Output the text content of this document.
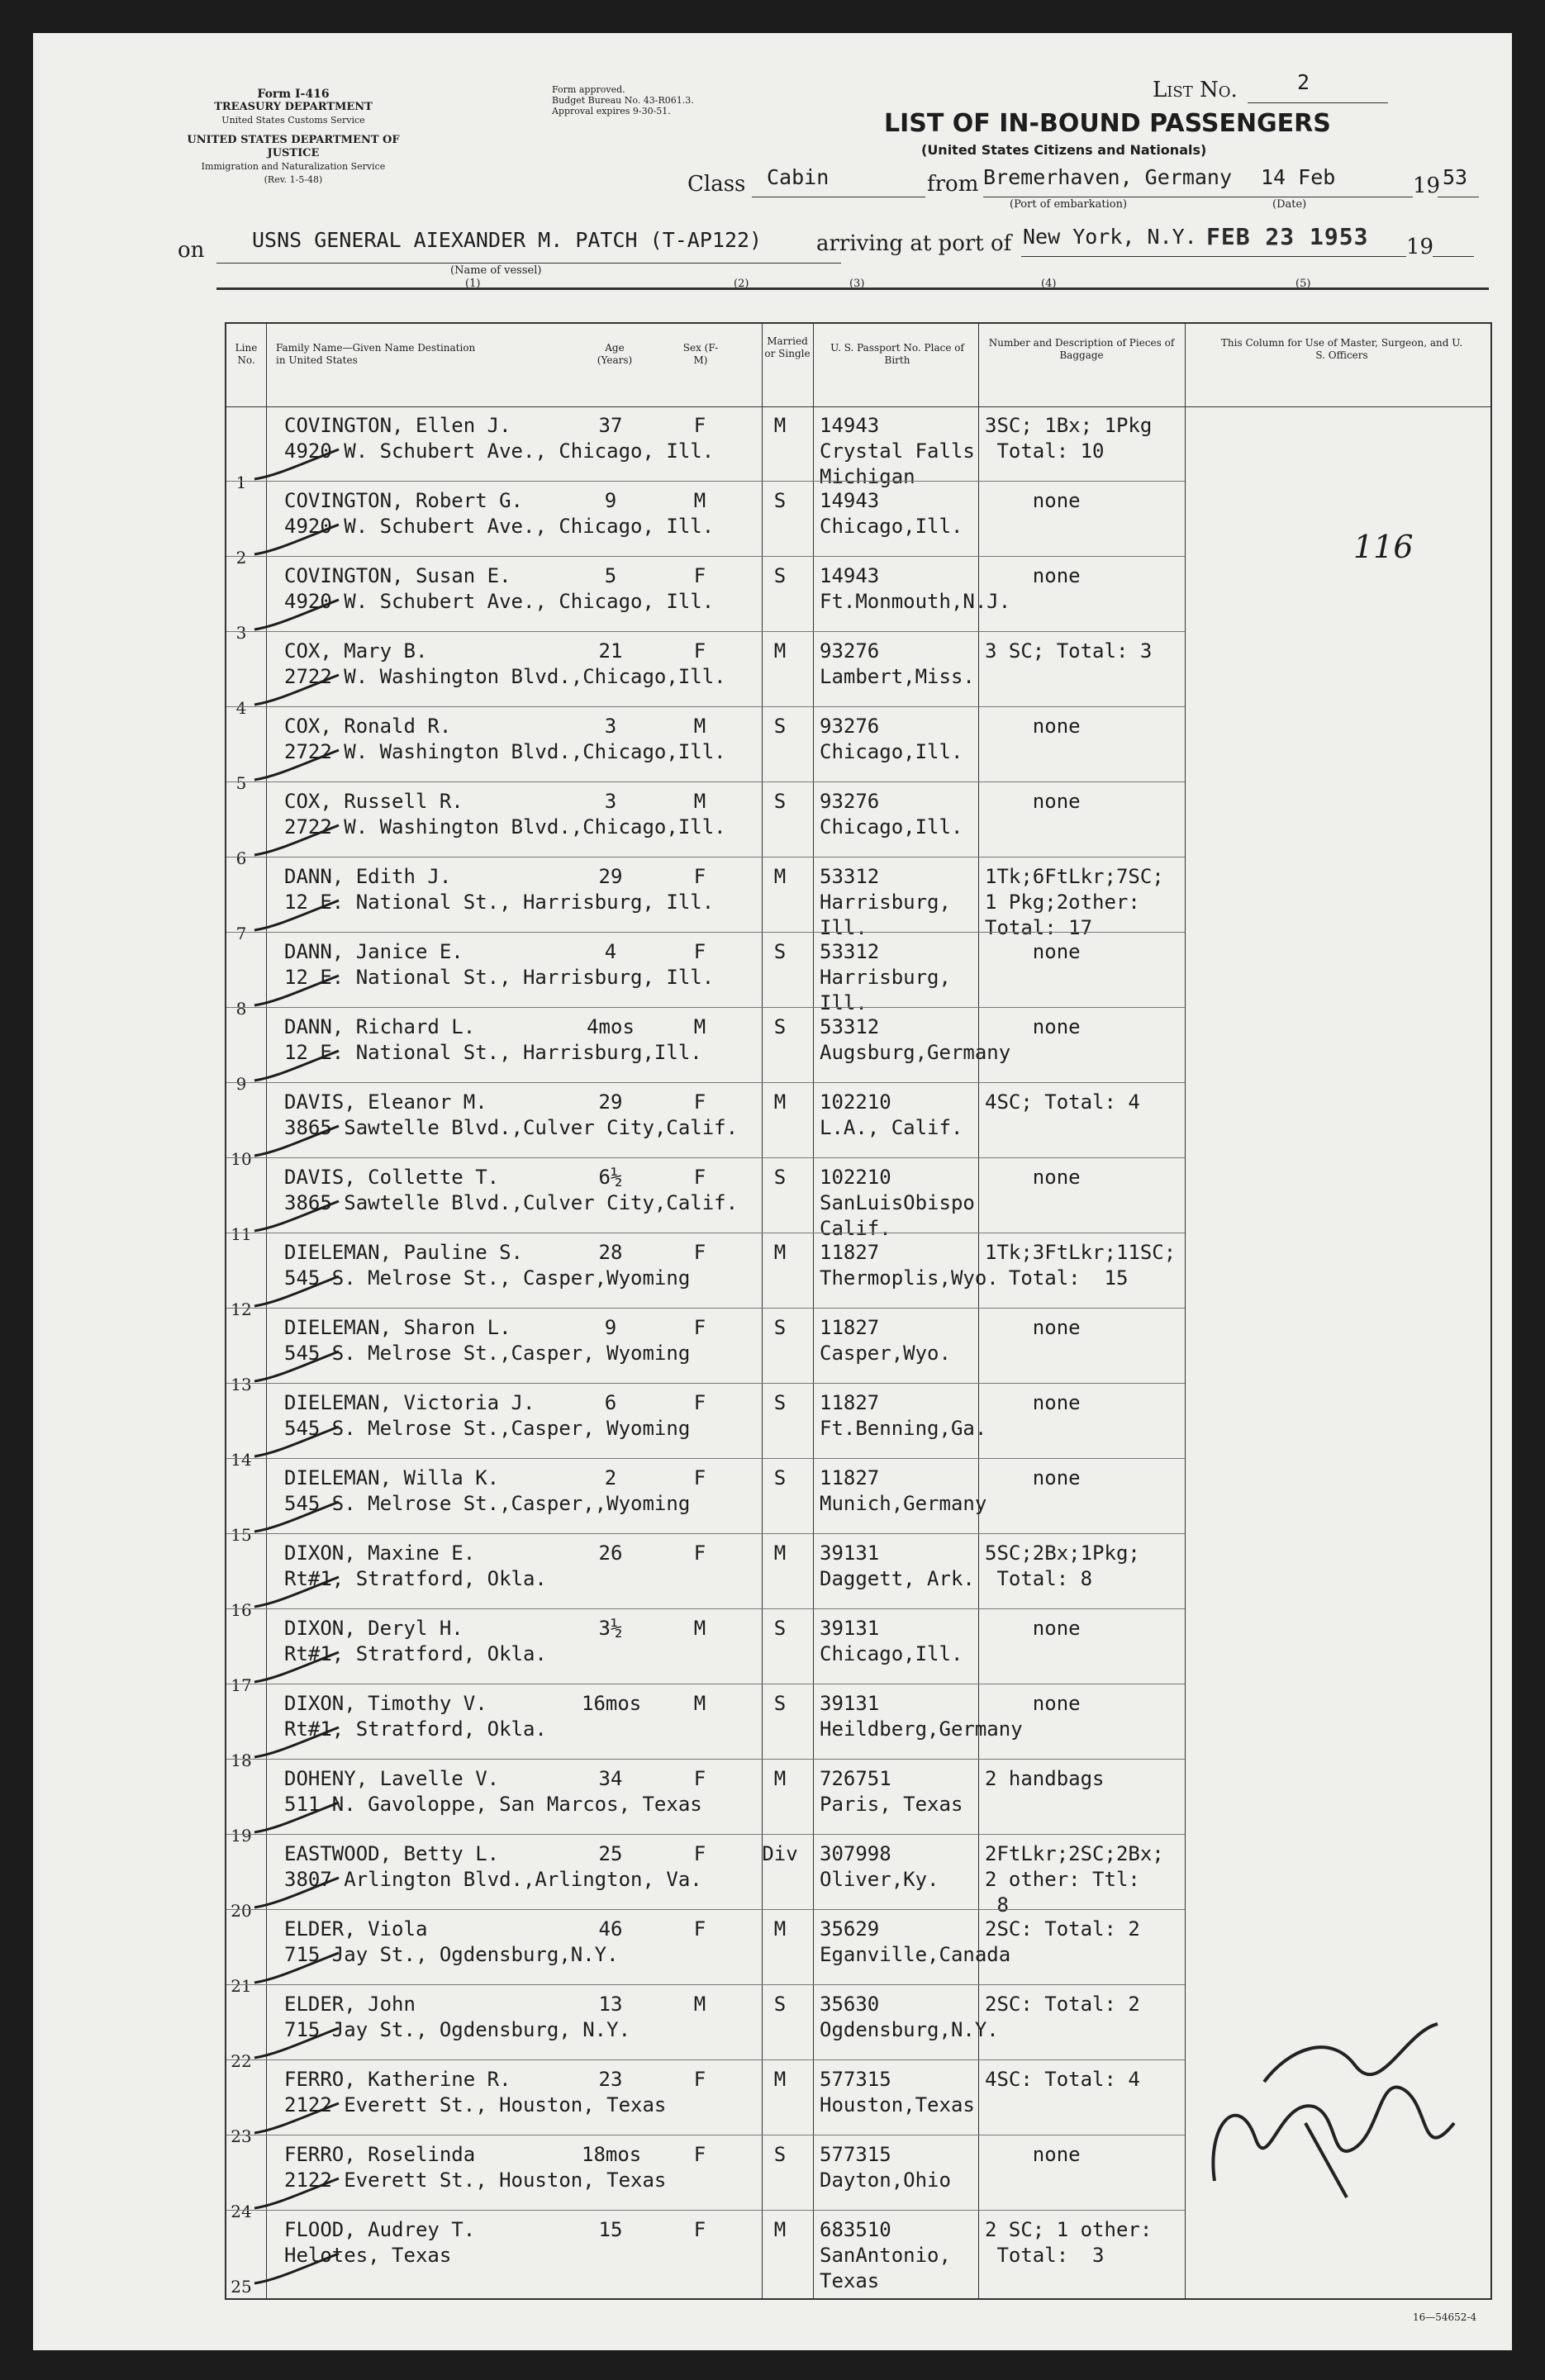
Form I-416
TREASURY DEPARTMENT
United States Customs Service
UNITED STATES DEPARTMENT OF JUSTICE
Immigration and Naturalization Service
(Rev. 1-5-48)
Form approved.
Budget Bureau No. 43-R061.3.
Approval expires 9-30-51.
List No.	2
LIST OF IN-BOUND PASSENGERS
(United States Citizens and Nationals)
Class Cabin	from Bremerhaven, Germany 14 Feb
(Port of embarkation)	(Date)
19 53
on USNS GENERAL AIEXANDER M. PATCH (T-AP122)
(Name of vessel)
arriving at port of New York, N.Y. FEB 23 1953 19
(1)	(2)	(3)	(4)	(5)
Line No.
Family Name—Given Name Destination in United States
Age (Years)
Sex (F-M)
Married or Single	U. S. Passport No. Place of Birth
Number and Description of Pieces of Baggage
This Column for Use of Master, Surgeon, and U. S. Officers
1
COVINGTON, Ellen J.
4920 W. Schubert Ave., Chicago, Ill.
37	F	M	14943
Crystal Falls
Michigan
3SC; 1Bx; 1Pkg
Total: 10
2
COVINGTON, Robert G.
4920 W. Schubert Ave., Chicago, Ill.
9	M	S	14943
Chicago,Ill.
none
3
COVINGTON, Susan E.
4920 W. Schubert Ave., Chicago, Ill.
5	F	S	14943
Ft.Monmouth,N.J.
none
4
COX, Mary B.
2722 W. Washington Blvd.,Chicago,Ill.
21	F	M	93276
Lambert,Miss.
3 SC; Total: 3
5
COX, Ronald R.
2722 W. Washington Blvd.,Chicago,Ill.
3	M	S	93276
Chicago,Ill.
none
6
COX, Russell R.
2722 W. Washington Blvd.,Chicago,Ill.
3	M	S	93276
Chicago,Ill.
none
7
DANN, Edith J.
12 E. National St., Harrisburg, Ill.
29	F	M	53312
Harrisburg,
Ill.
1Tk;6FtLkr;7SC;
1 Pkg;2other:
Total: 17
8
DANN, Janice E.
12 E. National St., Harrisburg, Ill.
4	F	S	53312
Harrisburg,
Ill.
none
9
DANN, Richard L.
12 E. National St., Harrisburg,Ill.
4mos	M	S	53312
Augsburg,Germany
none
10
DAVIS, Eleanor M.
3865 Sawtelle Blvd.,Culver City,Calif.
29	F	M	102210
L.A., Calif.
4SC; Total: 4
11
DAVIS, Collette T.
3865 Sawtelle Blvd.,Culver City,Calif.
6½	F	S	102210
SanLuisObispo
Calif.
none
12
DIELEMAN, Pauline S.
545 S. Melrose St., Casper,Wyoming
28	F	M	11827
Thermoplis,Wyo.
1Tk;3FtLkr;11SC;
Total:  15
13
DIELEMAN, Sharon L.
545 S. Melrose St.,Casper, Wyoming
9	F	S	11827
Casper,Wyo.
none
14
DIELEMAN, Victoria J.
545 S. Melrose St.,Casper, Wyoming
6	F	S	11827
Ft.Benning,Ga.
none
15
DIELEMAN, Willa K.
545 S. Melrose St.,Casper,,Wyoming
2	F	S	11827
Munich,Germany
none
16
DIXON, Maxine E.
Rt#1, Stratford, Okla.
26	F	M	39131
Daggett, Ark.
5SC;2Bx;1Pkg;
Total: 8
17
DIXON, Deryl H.
Rt#1, Stratford, Okla.
3½	M	S	39131
Chicago,Ill.
none
18
DIXON, Timothy V.
Rt#1, Stratford, Okla.
16mos	M	S	39131
Heildberg,Germany
none
19
DOHENY, Lavelle V.
511 N. Gavoloppe, San Marcos, Texas
34	F	M	726751
Paris, Texas
2 handbags
20
EASTWOOD, Betty L.
3807 Arlington Blvd.,Arlington, Va.
25	F	Div	307998
Oliver,Ky.
2FtLkr;2SC;2Bx;
2 other: Ttl:
8
21
ELDER, Viola
715 Jay St., Ogdensburg,N.Y.
46	F	M	35629
Eganville,Canada
2SC: Total: 2
22
ELDER, John
715 Jay St., Ogdensburg, N.Y.
13	M	S	35630
Ogdensburg,N.Y.
2SC: Total: 2
23
FERRO, Katherine R.
2122 Everett St., Houston, Texas
23	F	M	577315
Houston,Texas
4SC: Total: 4
24
FERRO, Roselinda
2122 Everett St., Houston, Texas
18mos	F	S	577315
Dayton,Ohio
none
25
FLOOD, Audrey T.
Helotes, Texas
15	F	M	683510
SanAntonio,
Texas
2 SC; 1 other:
Total:  3
116
16—54652-4
